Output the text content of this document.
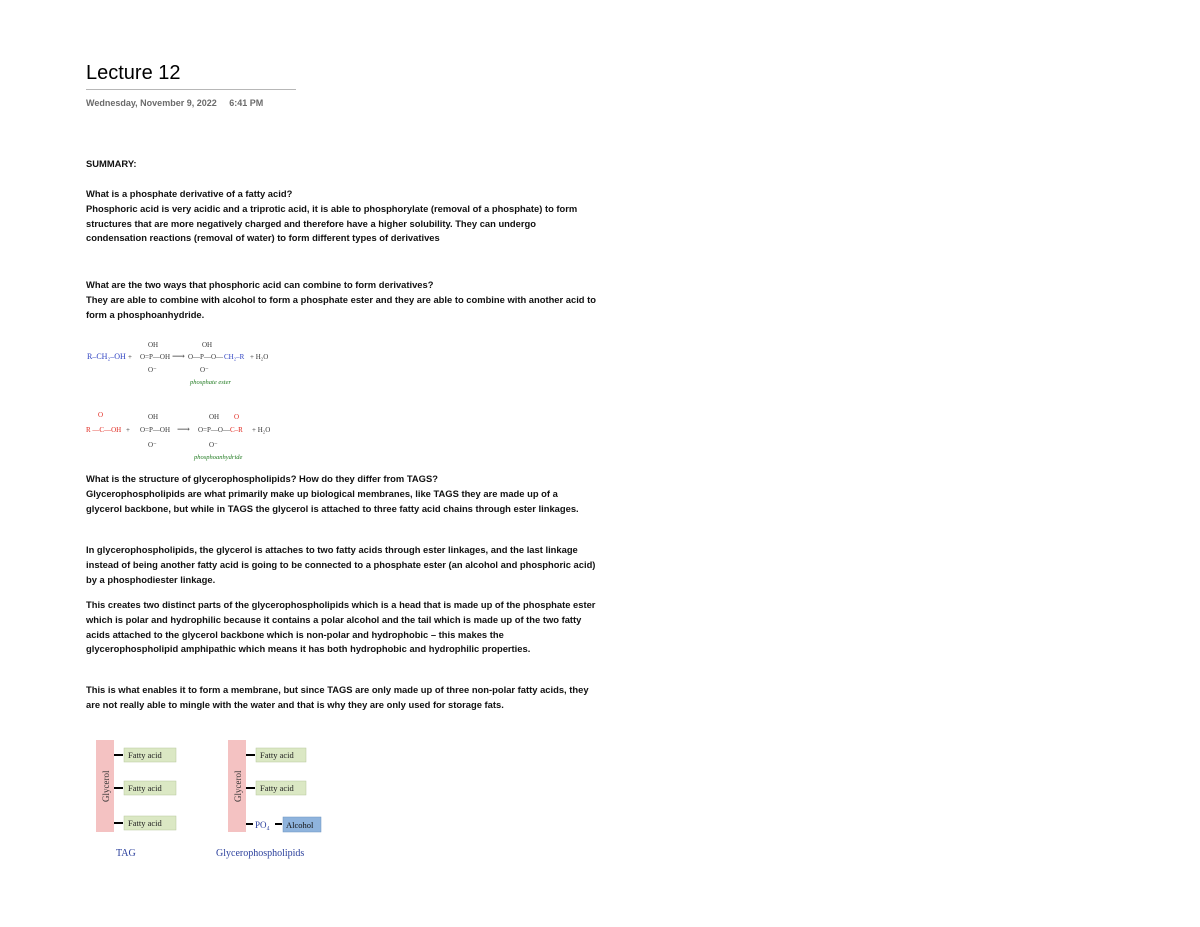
Lecture 12
Wednesday, November 9, 2022 6:41 PM

SUMMARY:

What is a phosphate derivative of a fatty acid?

Phosphoric acid is very acidic and a triprotic acid, it is able to phosphorylate (removal of a phosphate) to form structures that are more negatively charged and therefore have a higher solubility. They can undergo condensation reactions (removal of water) to form different types of derivatives

What are the two ways that phosphoric acid can combine to form derivatives?

They are able to combine with alcohol to form a phosphate ester and they are able to combine with another acid to form a phosphoanhydride.

R–CH₂–OH +
OH
O=P—OH
O⁻
⟶
OH
O—P—O— CH₂–R + H₂O
O⁻
phosphate ester
O
R —C—OH +
OH
O=P—OH
O⁻
⟶
OH O
O=P—O— C–R + H₂O
O⁻
phosphoanhydride

What is the structure of glycerophospholipids? How do they differ from TAGS?

Glycerophospholipids are what primarily make up biological membranes, like TAGS they are made up of a glycerol backbone, but while in TAGS the glycerol is attached to three fatty acid chains through ester linkages.

In glycerophospholipids, the glycerol is attaches to two fatty acids through ester linkages, and the last linkage instead of being another fatty acid is going to be connected to a phosphate ester (an alcohol and phosphoric acid) by a phosphodiester linkage.

This creates two distinct parts of the glycerophospholipids which is a head that is made up of the phosphate ester which is polar and hydrophilic because it contains a polar alcohol and the tail which is made up of the two fatty acids attached to the glycerol backbone which is non-polar and hydrophobic – this makes the glycerophospholipid amphipathic which means it has both hydrophobic and hydrophilic properties.

This is what enables it to form a membrane, but since TAGS are only made up of three non-polar fatty acids, they are not really able to mingle with the water and that is why they are only used for storage fats.

Glycerol
Fatty acid
Fatty acid
Fatty acid
TAG
Glycerol
Fatty acid
Fatty acid
PO₄ Alcohol
Glycerophospholipids
